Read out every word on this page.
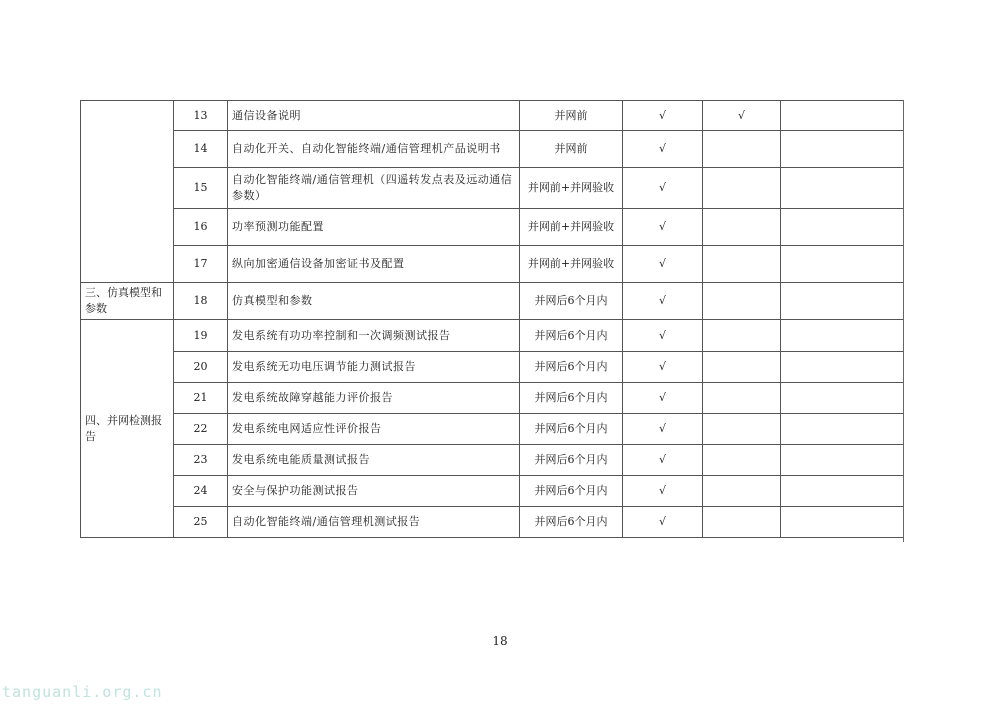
	13	通信设备说明	并网前	√	√	
	14	自动化开关、自动化智能终端/通信管理机产品说明书	并网前	√		
	15	自动化智能终端/通信管理机（四遥转发点表及远动通信参数）	并网前+并网验收	√		
	16	功率预测功能配置	并网前+并网验收	√		
	17	纵向加密通信设备加密证书及配置	并网前+并网验收	√		
三、仿真模型和参数	18	仿真模型和参数	并网后6个月内	√		
四、并网检测报告	19	发电系统有功功率控制和一次调频测试报告	并网后6个月内	√		
	20	发电系统无功电压调节能力测试报告	并网后6个月内	√		
	21	发电系统故障穿越能力评价报告	并网后6个月内	√		
	22	发电系统电网适应性评价报告	并网后6个月内	√		
	23	发电系统电能质量测试报告	并网后6个月内	√		
	24	安全与保护功能测试报告	并网后6个月内	√		
	25	自动化智能终端/通信管理机测试报告	并网后6个月内	√		
18
tanguanli.org.cn
